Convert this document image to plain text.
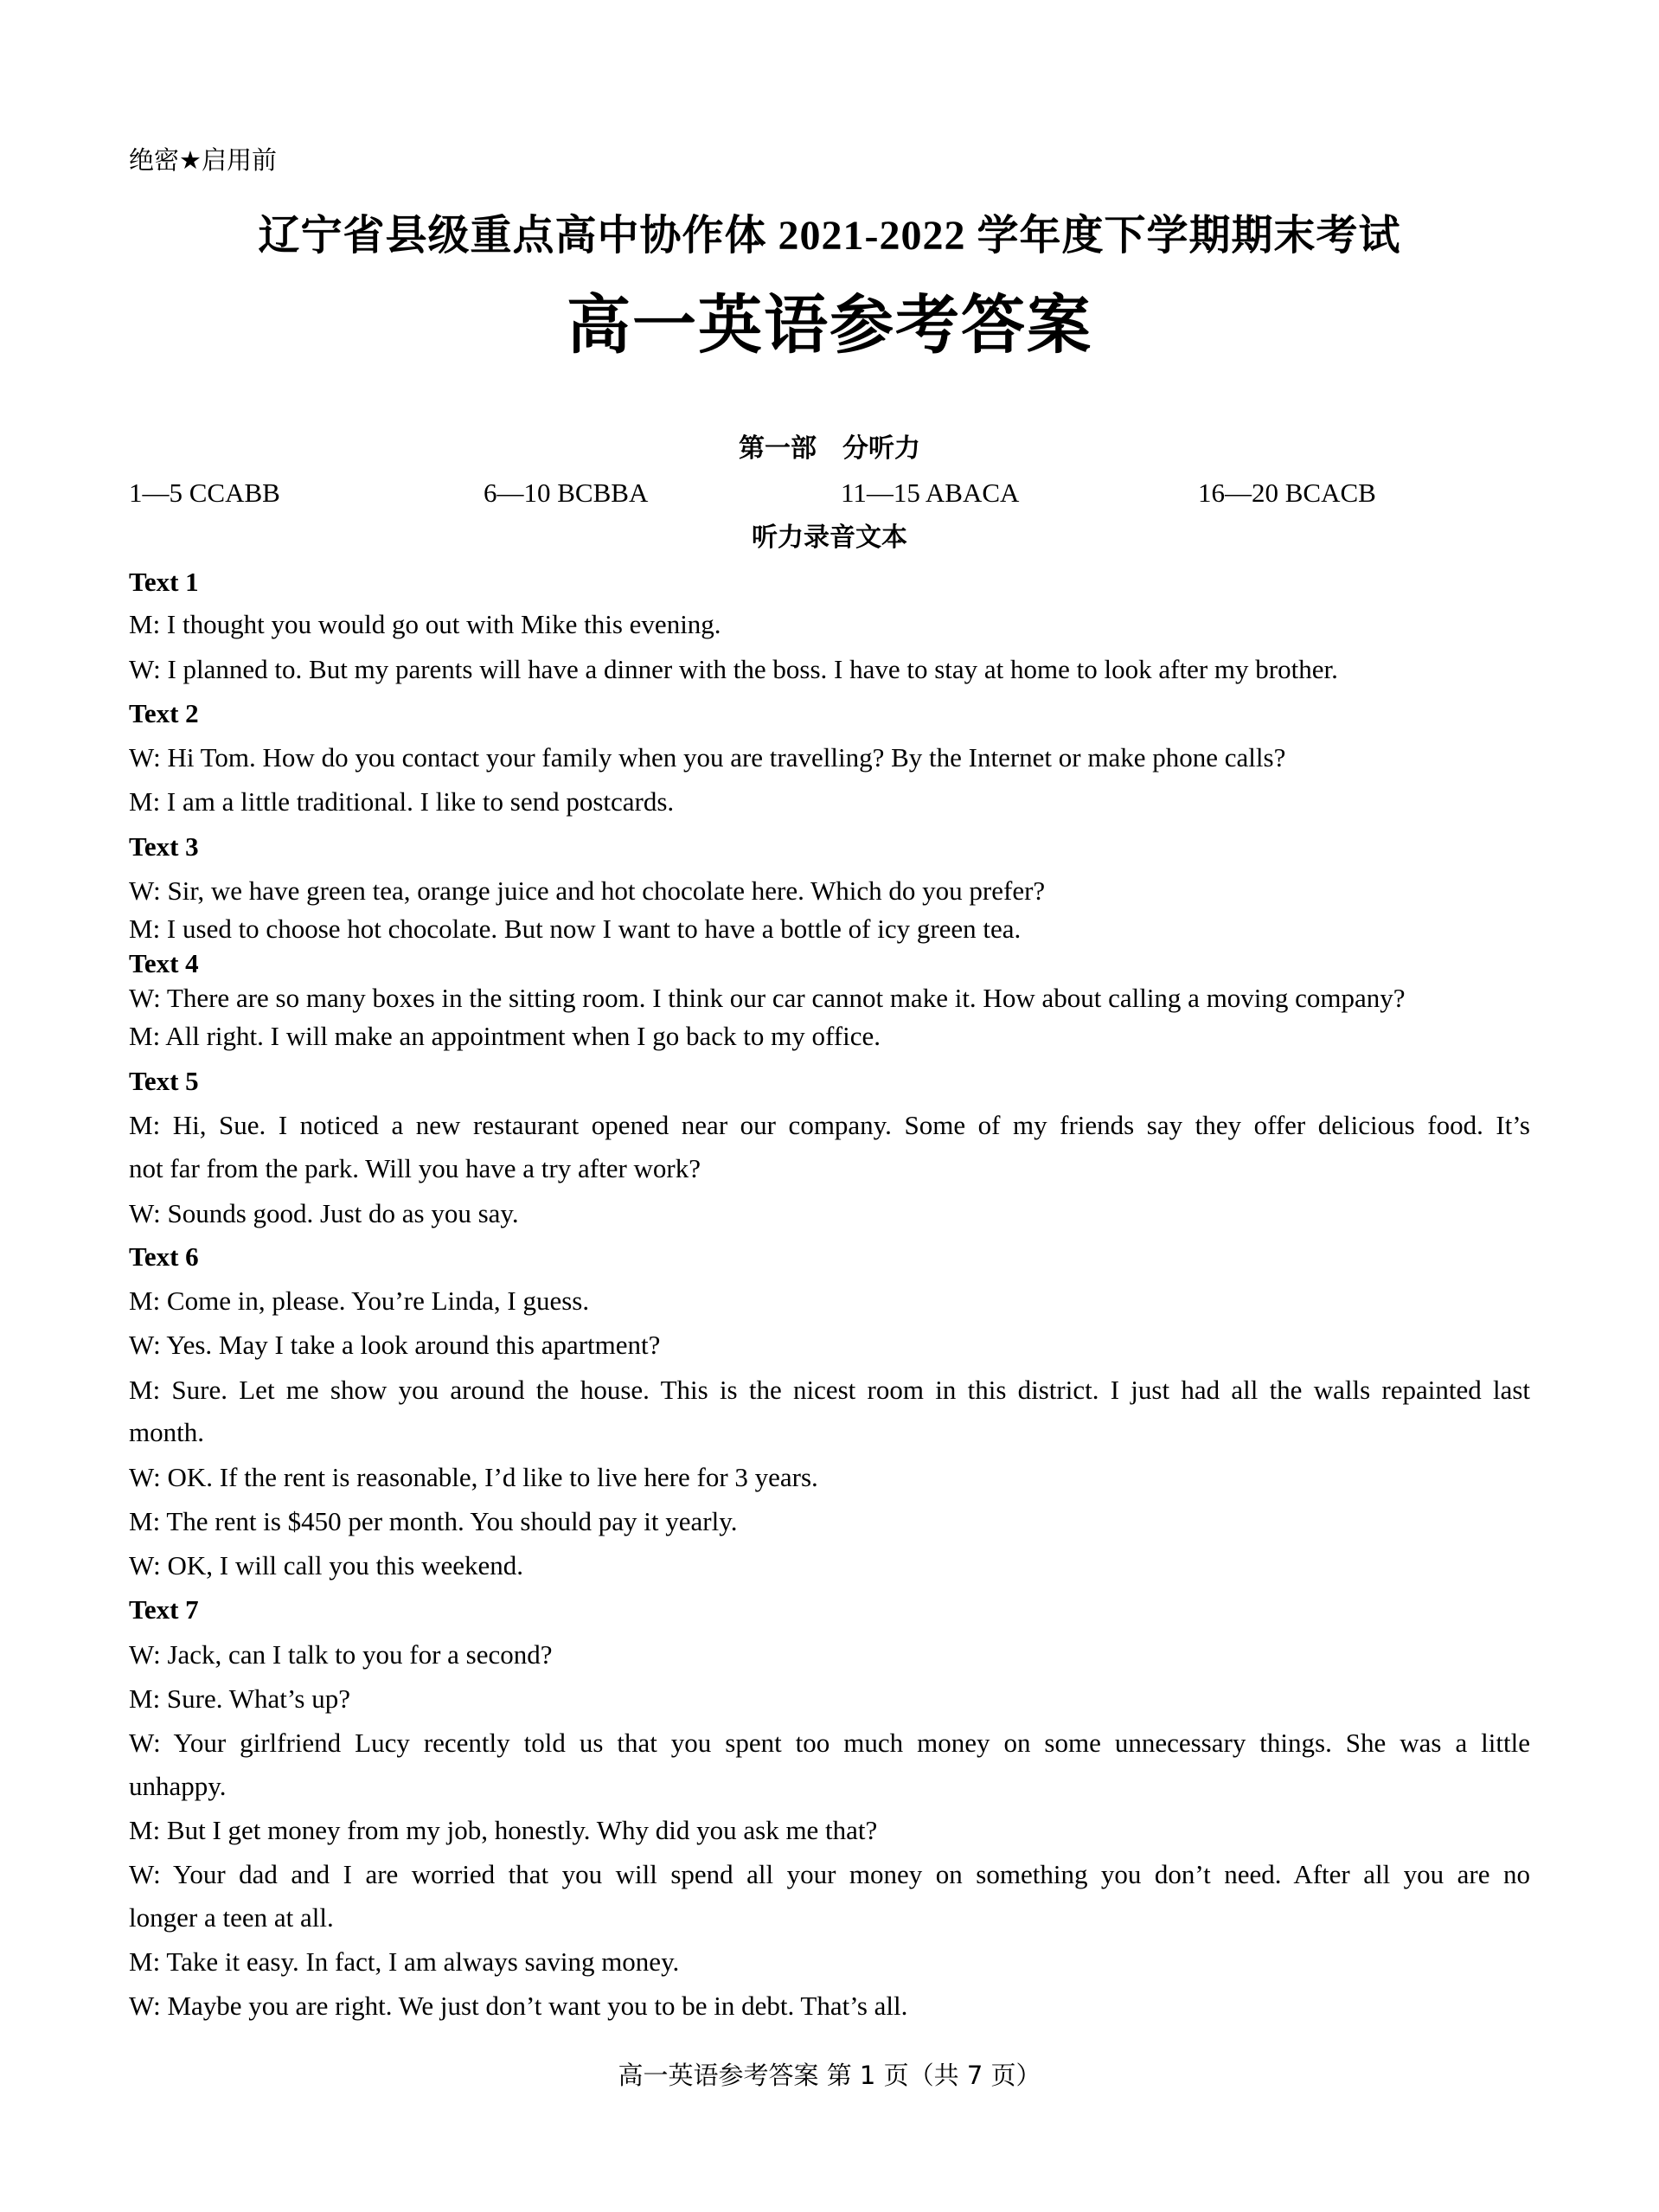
绝密★启用前
辽宁省县级重点高中协作体 2021-2022 学年度下学期期末考试
高一英语参考答案
第一部　分听力
1—5 CCABB	6—10 BCBBA	11—15 ABACA	16—20 BCACB
听力录音文本
Text 1
M: I thought you would go out with Mike this evening.
W: I planned to. But my parents will have a dinner with the boss. I have to stay at home to look after my brother.
Text 2
W: Hi Tom. How do you contact your family when you are travelling? By the Internet or make phone calls?
M: I am a little traditional. I like to send postcards.
Text 3
W: Sir, we have green tea, orange juice and hot chocolate here. Which do you prefer?
M: I used to choose hot chocolate. But now I want to have a bottle of icy green tea.
Text 4
W: There are so many boxes in the sitting room. I think our car cannot make it. How about calling a moving company?
M: All right. I will make an appointment when I go back to my office.
Text 5
M: Hi, Sue. I noticed a new restaurant opened near our company. Some of my friends say they offer delicious food. It’s
not far from the park. Will you have a try after work?
W: Sounds good. Just do as you say.
Text 6
M: Come in, please. You’re Linda, I guess.
W: Yes. May I take a look around this apartment?
M: Sure. Let me show you around the house. This is the nicest room in this district. I just had all the walls repainted last
month.
W: OK. If the rent is reasonable, I’d like to live here for 3 years.
M: The rent is $450 per month. You should pay it yearly.
W: OK, I will call you this weekend.
Text 7
W: Jack, can I talk to you for a second?
M: Sure. What’s up?
W: Your girlfriend Lucy recently told us that you spent too much money on some unnecessary things. She was a little
unhappy.
M: But I get money from my job, honestly. Why did you ask me that?
W: Your dad and I are worried that you will spend all your money on something you don’t need. After all you are no
longer a teen at all.
M: Take it easy. In fact, I am always saving money.
W: Maybe you are right. We just don’t want you to be in debt. That’s all.
高一英语参考答案 第 1 页（共 7 页）
